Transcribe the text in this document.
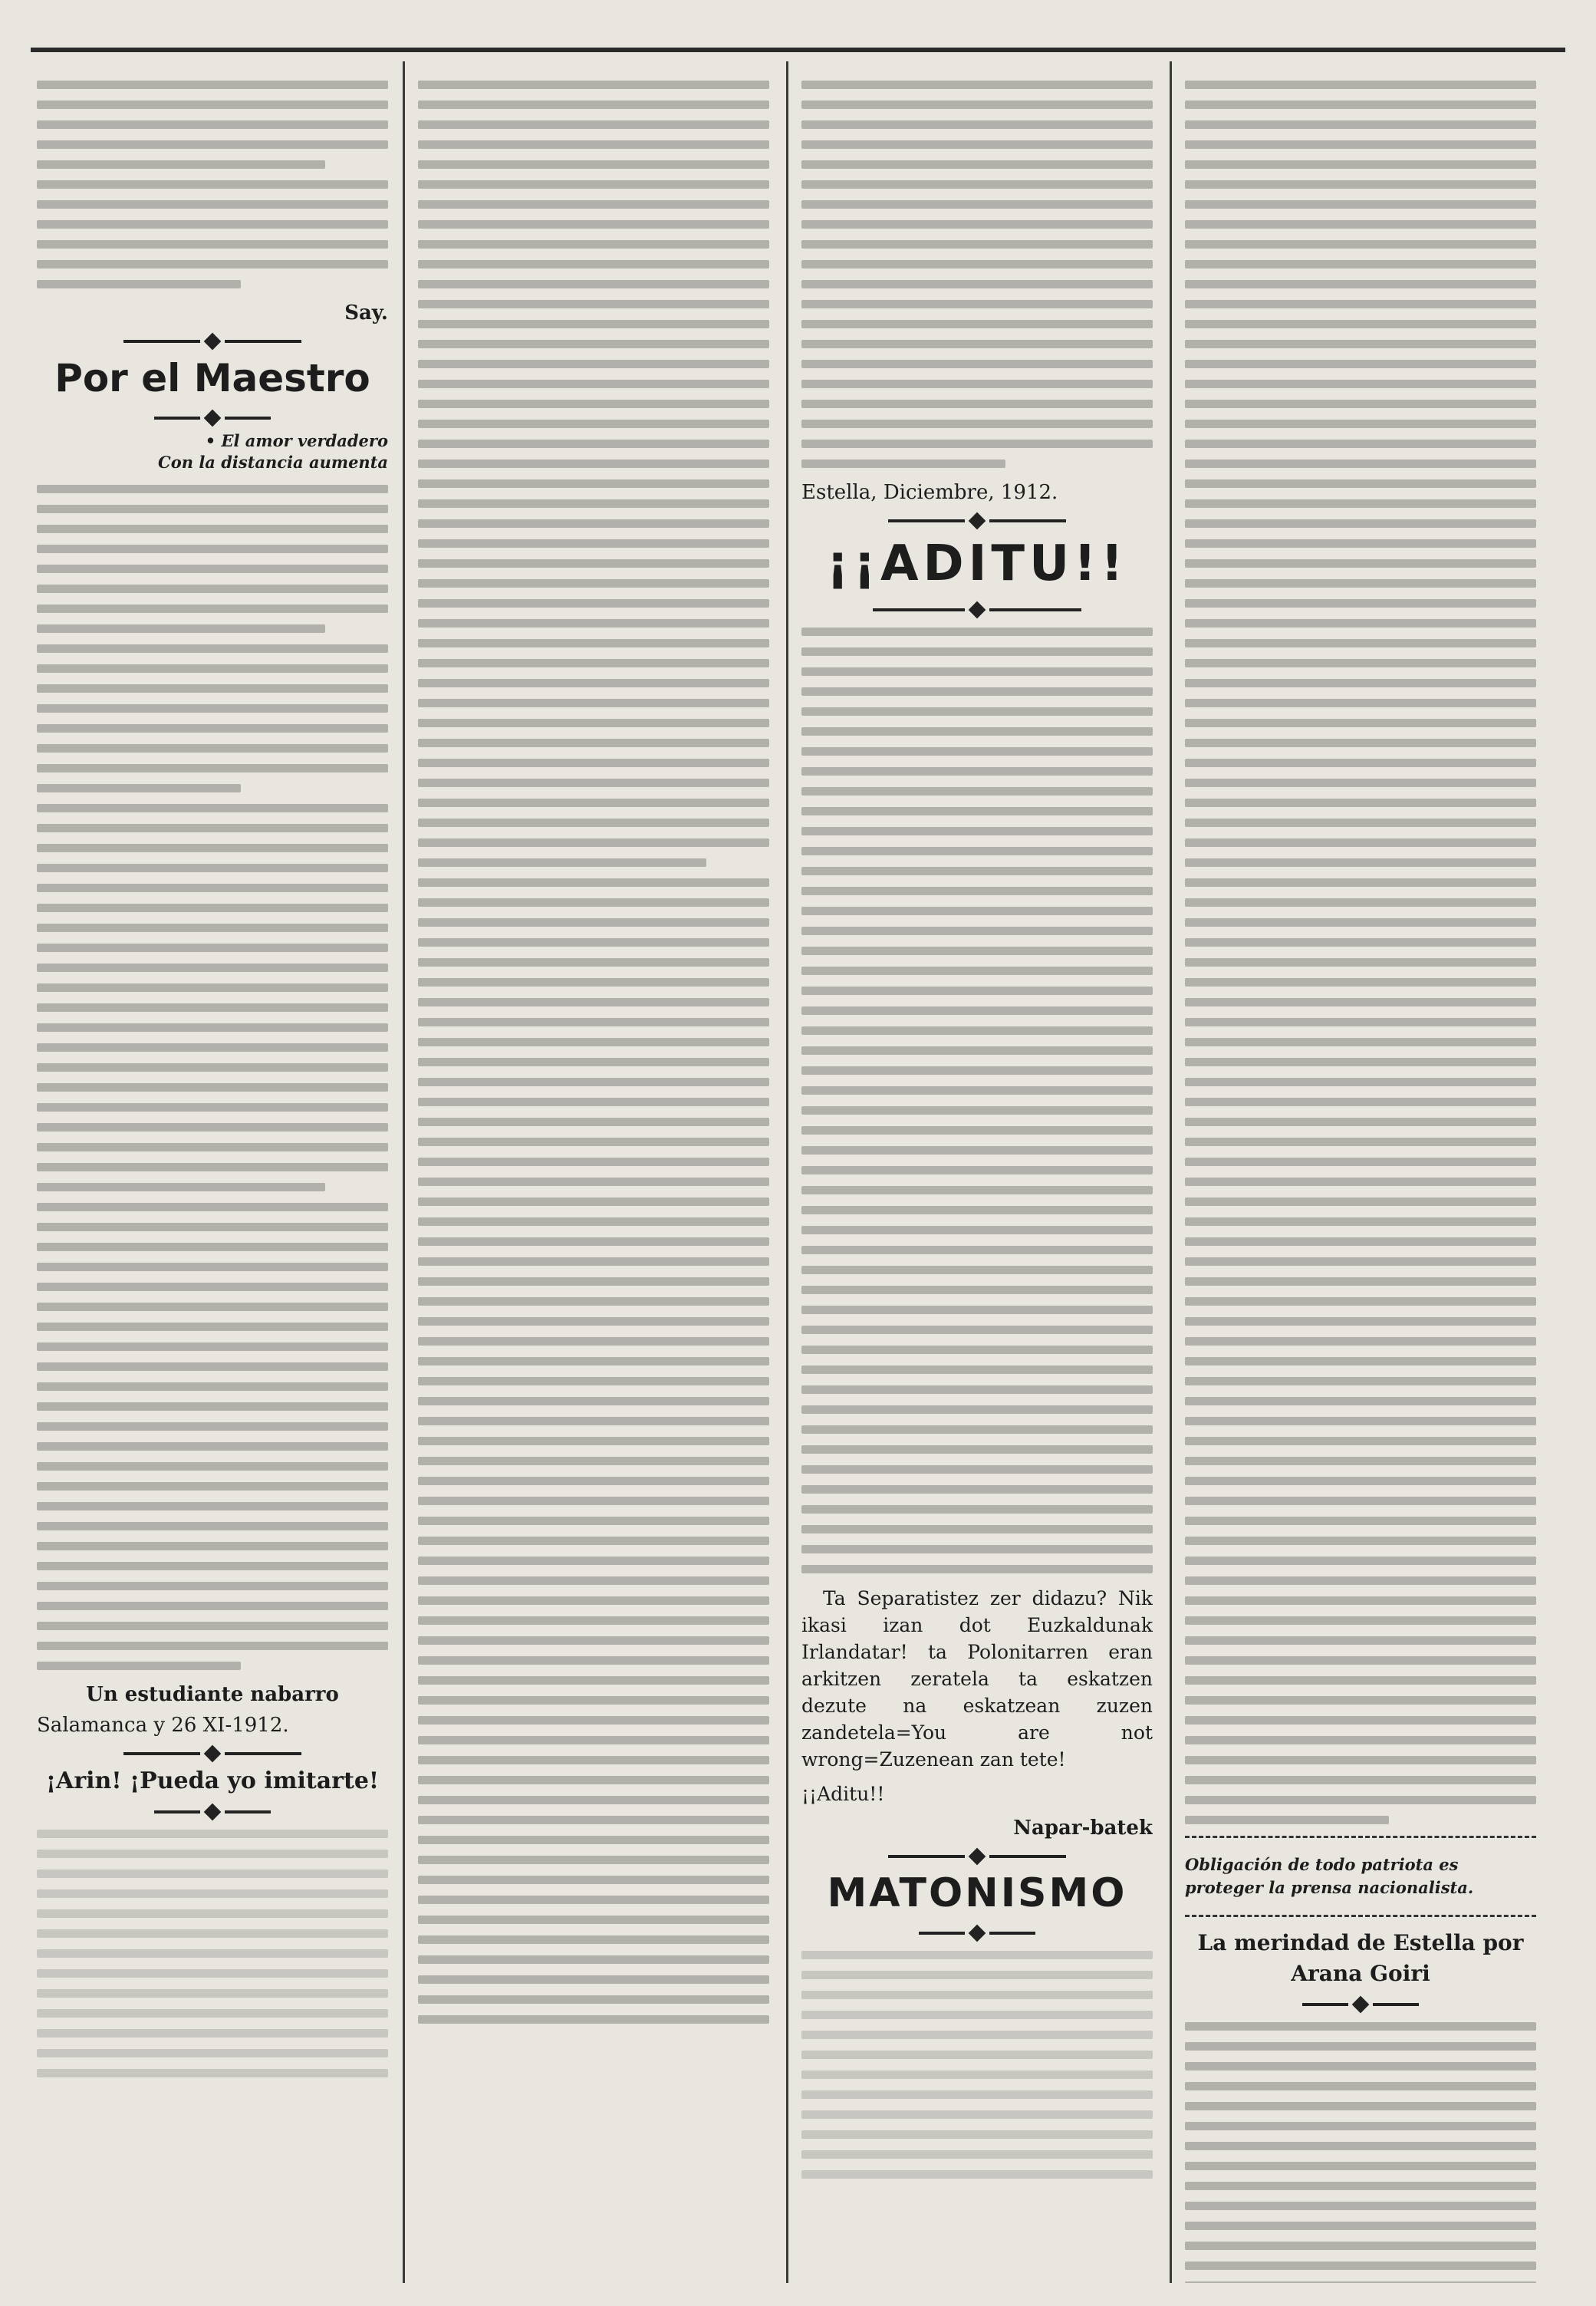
Say.
Por el Maestro
• El amor verdadero
Con la distancia aumenta
Un estudiante nabarro
Salamanca y 26 XI-1912.
¡Arin! ¡Pueda yo imitarte!
Estella, Diciembre, 1912.
¡¡ADITU!!
Ta Separatistez zer didazu? Nik ikasi izan dot Euzkaldunak Irlandatar! ta Polonitarren eran arkitzen zeratela ta eskatzen dezute na eskatzean zuzen zandetela=You are not wrong=Zuzenean zan tete!
¡¡Aditu!!
Napar-batek
MATONISMO
Obligación de todo patriota es proteger la prensa nacionalista.
La merindad de Estella por Arana Goiri
